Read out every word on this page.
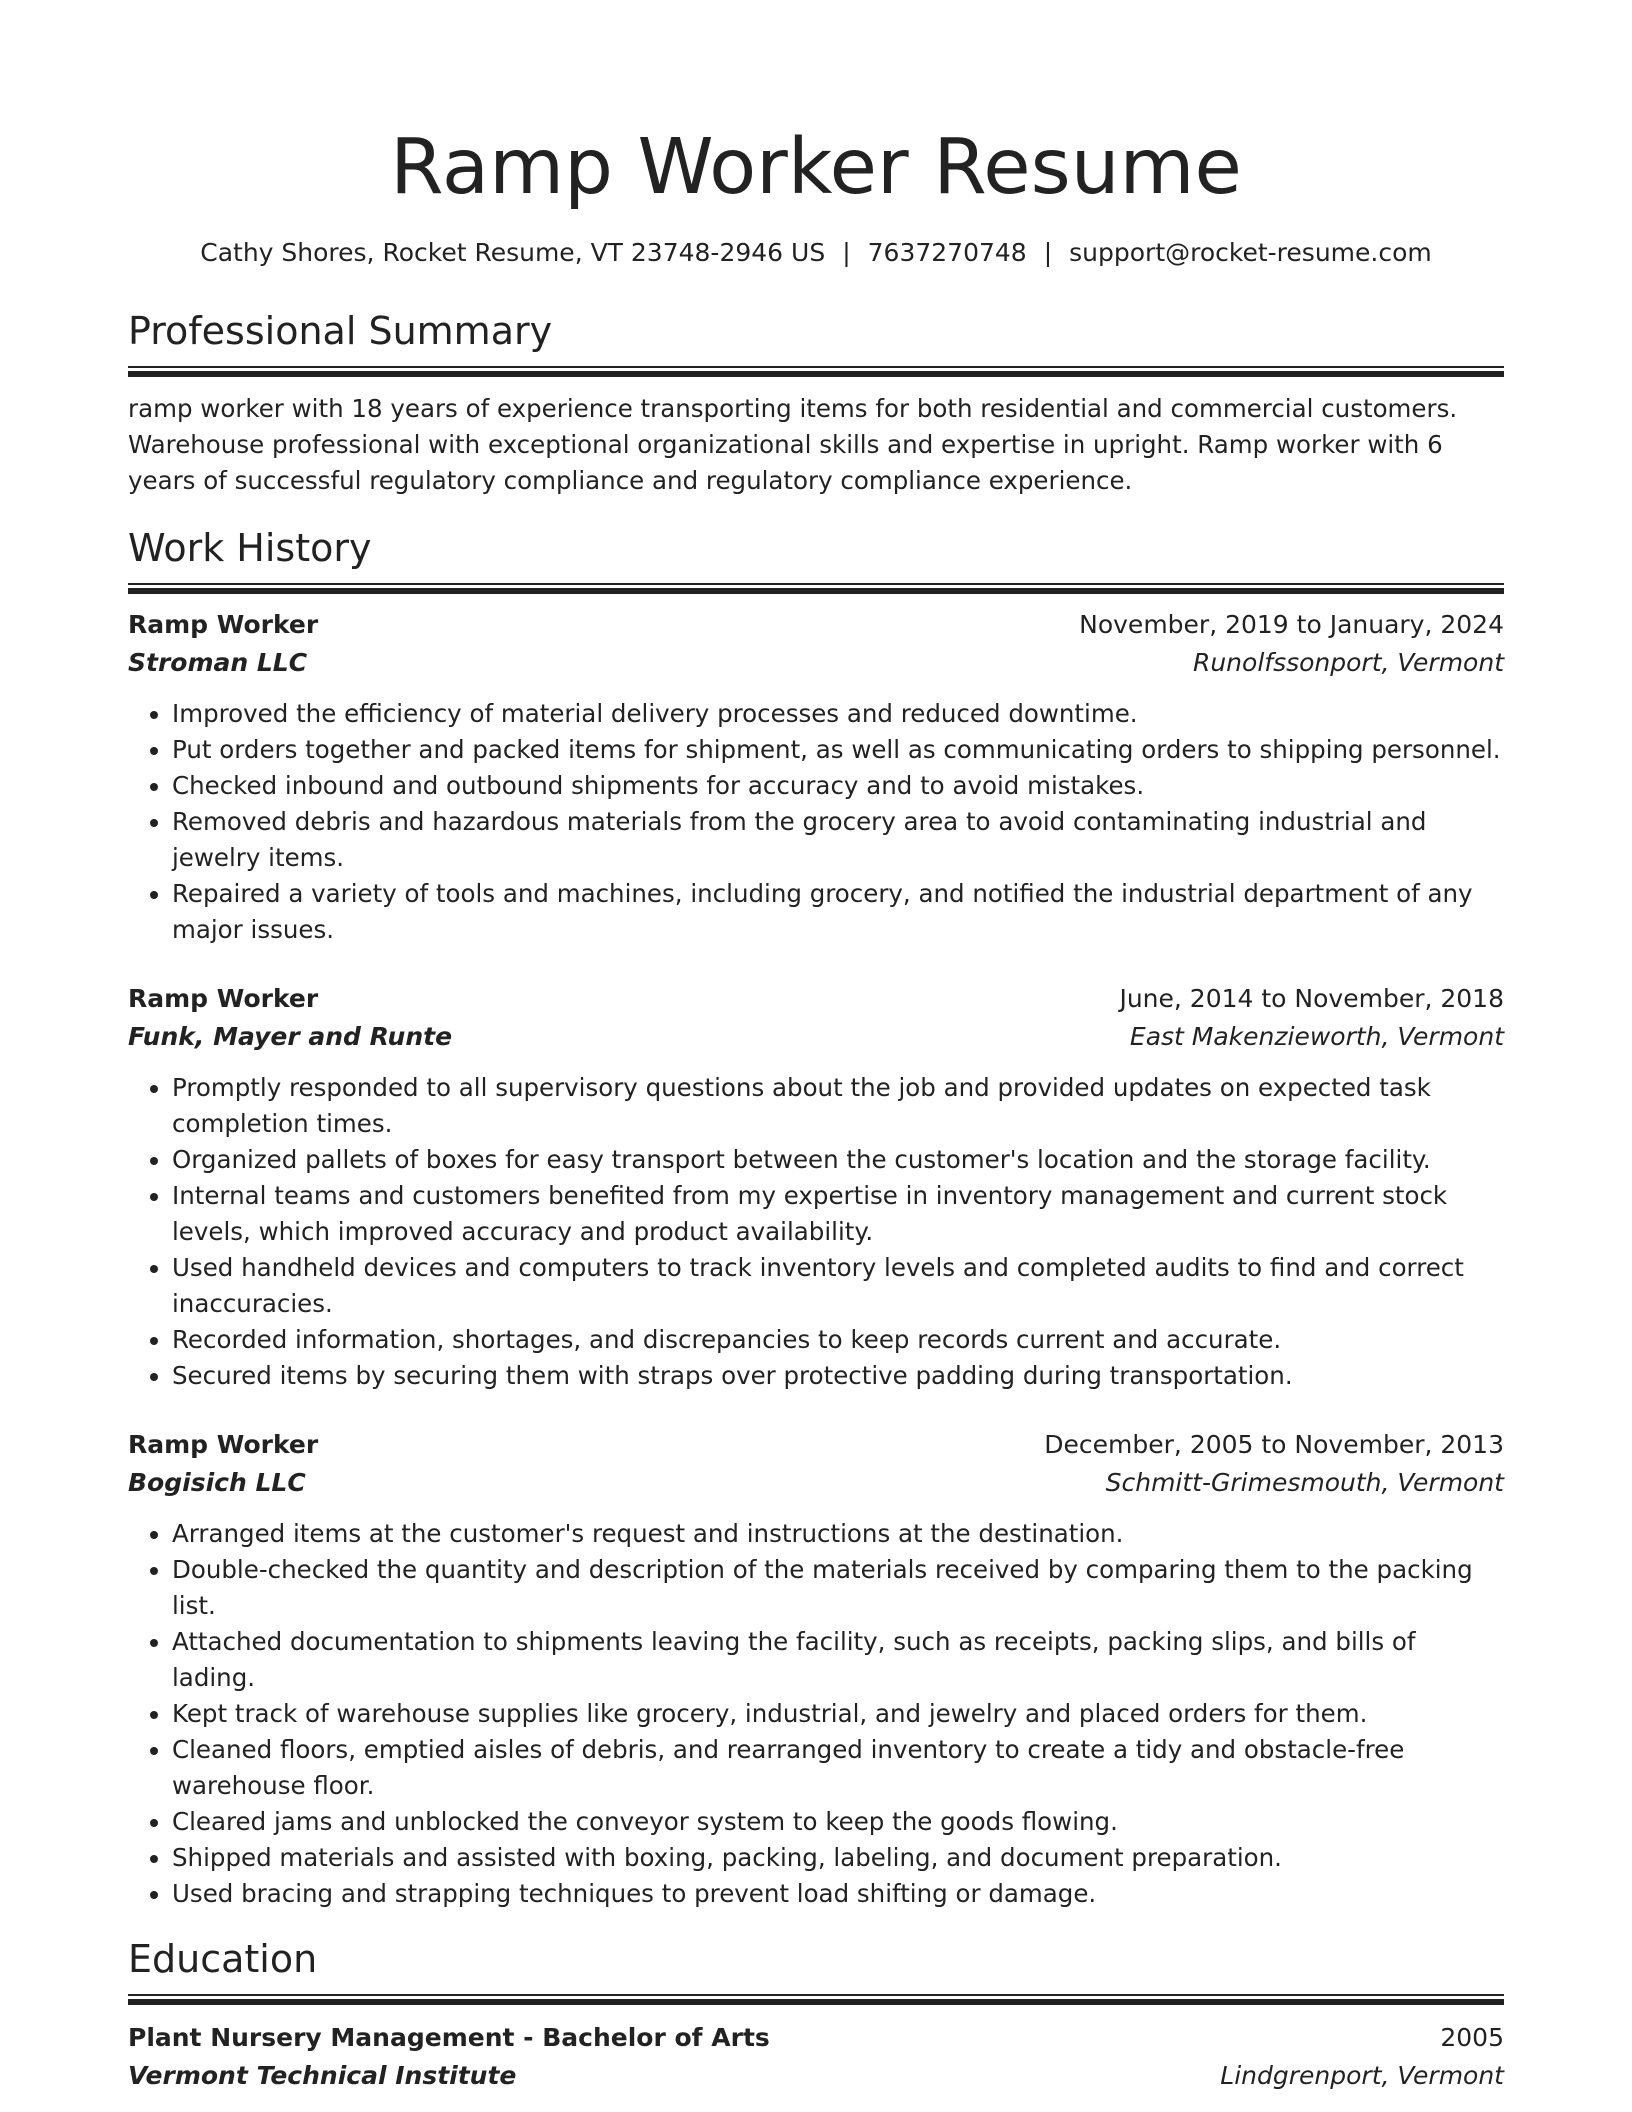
Ramp Worker Resume
Cathy Shores, Rocket Resume, VT 23748-2946 US | 7637270748 | support@rocket-resume.com
Professional Summary
ramp worker with 18 years of experience transporting items for both residential and commercial customers. Warehouse professional with exceptional organizational skills and expertise in upright. Ramp worker with 6 years of successful regulatory compliance and regulatory compliance experience.
Work History
Ramp Worker	November, 2019 to January, 2024
Stroman LLC	Runolfssonport, Vermont
• Improved the efficiency of material delivery processes and reduced downtime.
• Put orders together and packed items for shipment, as well as communicating orders to shipping personnel.
• Checked inbound and outbound shipments for accuracy and to avoid mistakes.
• Removed debris and hazardous materials from the grocery area to avoid contaminating industrial and jewelry items.
• Repaired a variety of tools and machines, including grocery, and notified the industrial department of any major issues.
Ramp Worker	June, 2014 to November, 2018
Funk, Mayer and Runte	East Makenzieworth, Vermont
• Promptly responded to all supervisory questions about the job and provided updates on expected task completion times.
• Organized pallets of boxes for easy transport between the customer's location and the storage facility.
• Internal teams and customers benefited from my expertise in inventory management and current stock levels, which improved accuracy and product availability.
• Used handheld devices and computers to track inventory levels and completed audits to find and correct inaccuracies.
• Recorded information, shortages, and discrepancies to keep records current and accurate.
• Secured items by securing them with straps over protective padding during transportation.
Ramp Worker	December, 2005 to November, 2013
Bogisich LLC	Schmitt-Grimesmouth, Vermont
• Arranged items at the customer's request and instructions at the destination.
• Double-checked the quantity and description of the materials received by comparing them to the packing list.
• Attached documentation to shipments leaving the facility, such as receipts, packing slips, and bills of lading.
• Kept track of warehouse supplies like grocery, industrial, and jewelry and placed orders for them.
• Cleaned floors, emptied aisles of debris, and rearranged inventory to create a tidy and obstacle-free warehouse floor.
• Cleared jams and unblocked the conveyor system to keep the goods flowing.
• Shipped materials and assisted with boxing, packing, labeling, and document preparation.
• Used bracing and strapping techniques to prevent load shifting or damage.
Education
Plant Nursery Management - Bachelor of Arts	2005
Vermont Technical Institute	Lindgrenport, Vermont
